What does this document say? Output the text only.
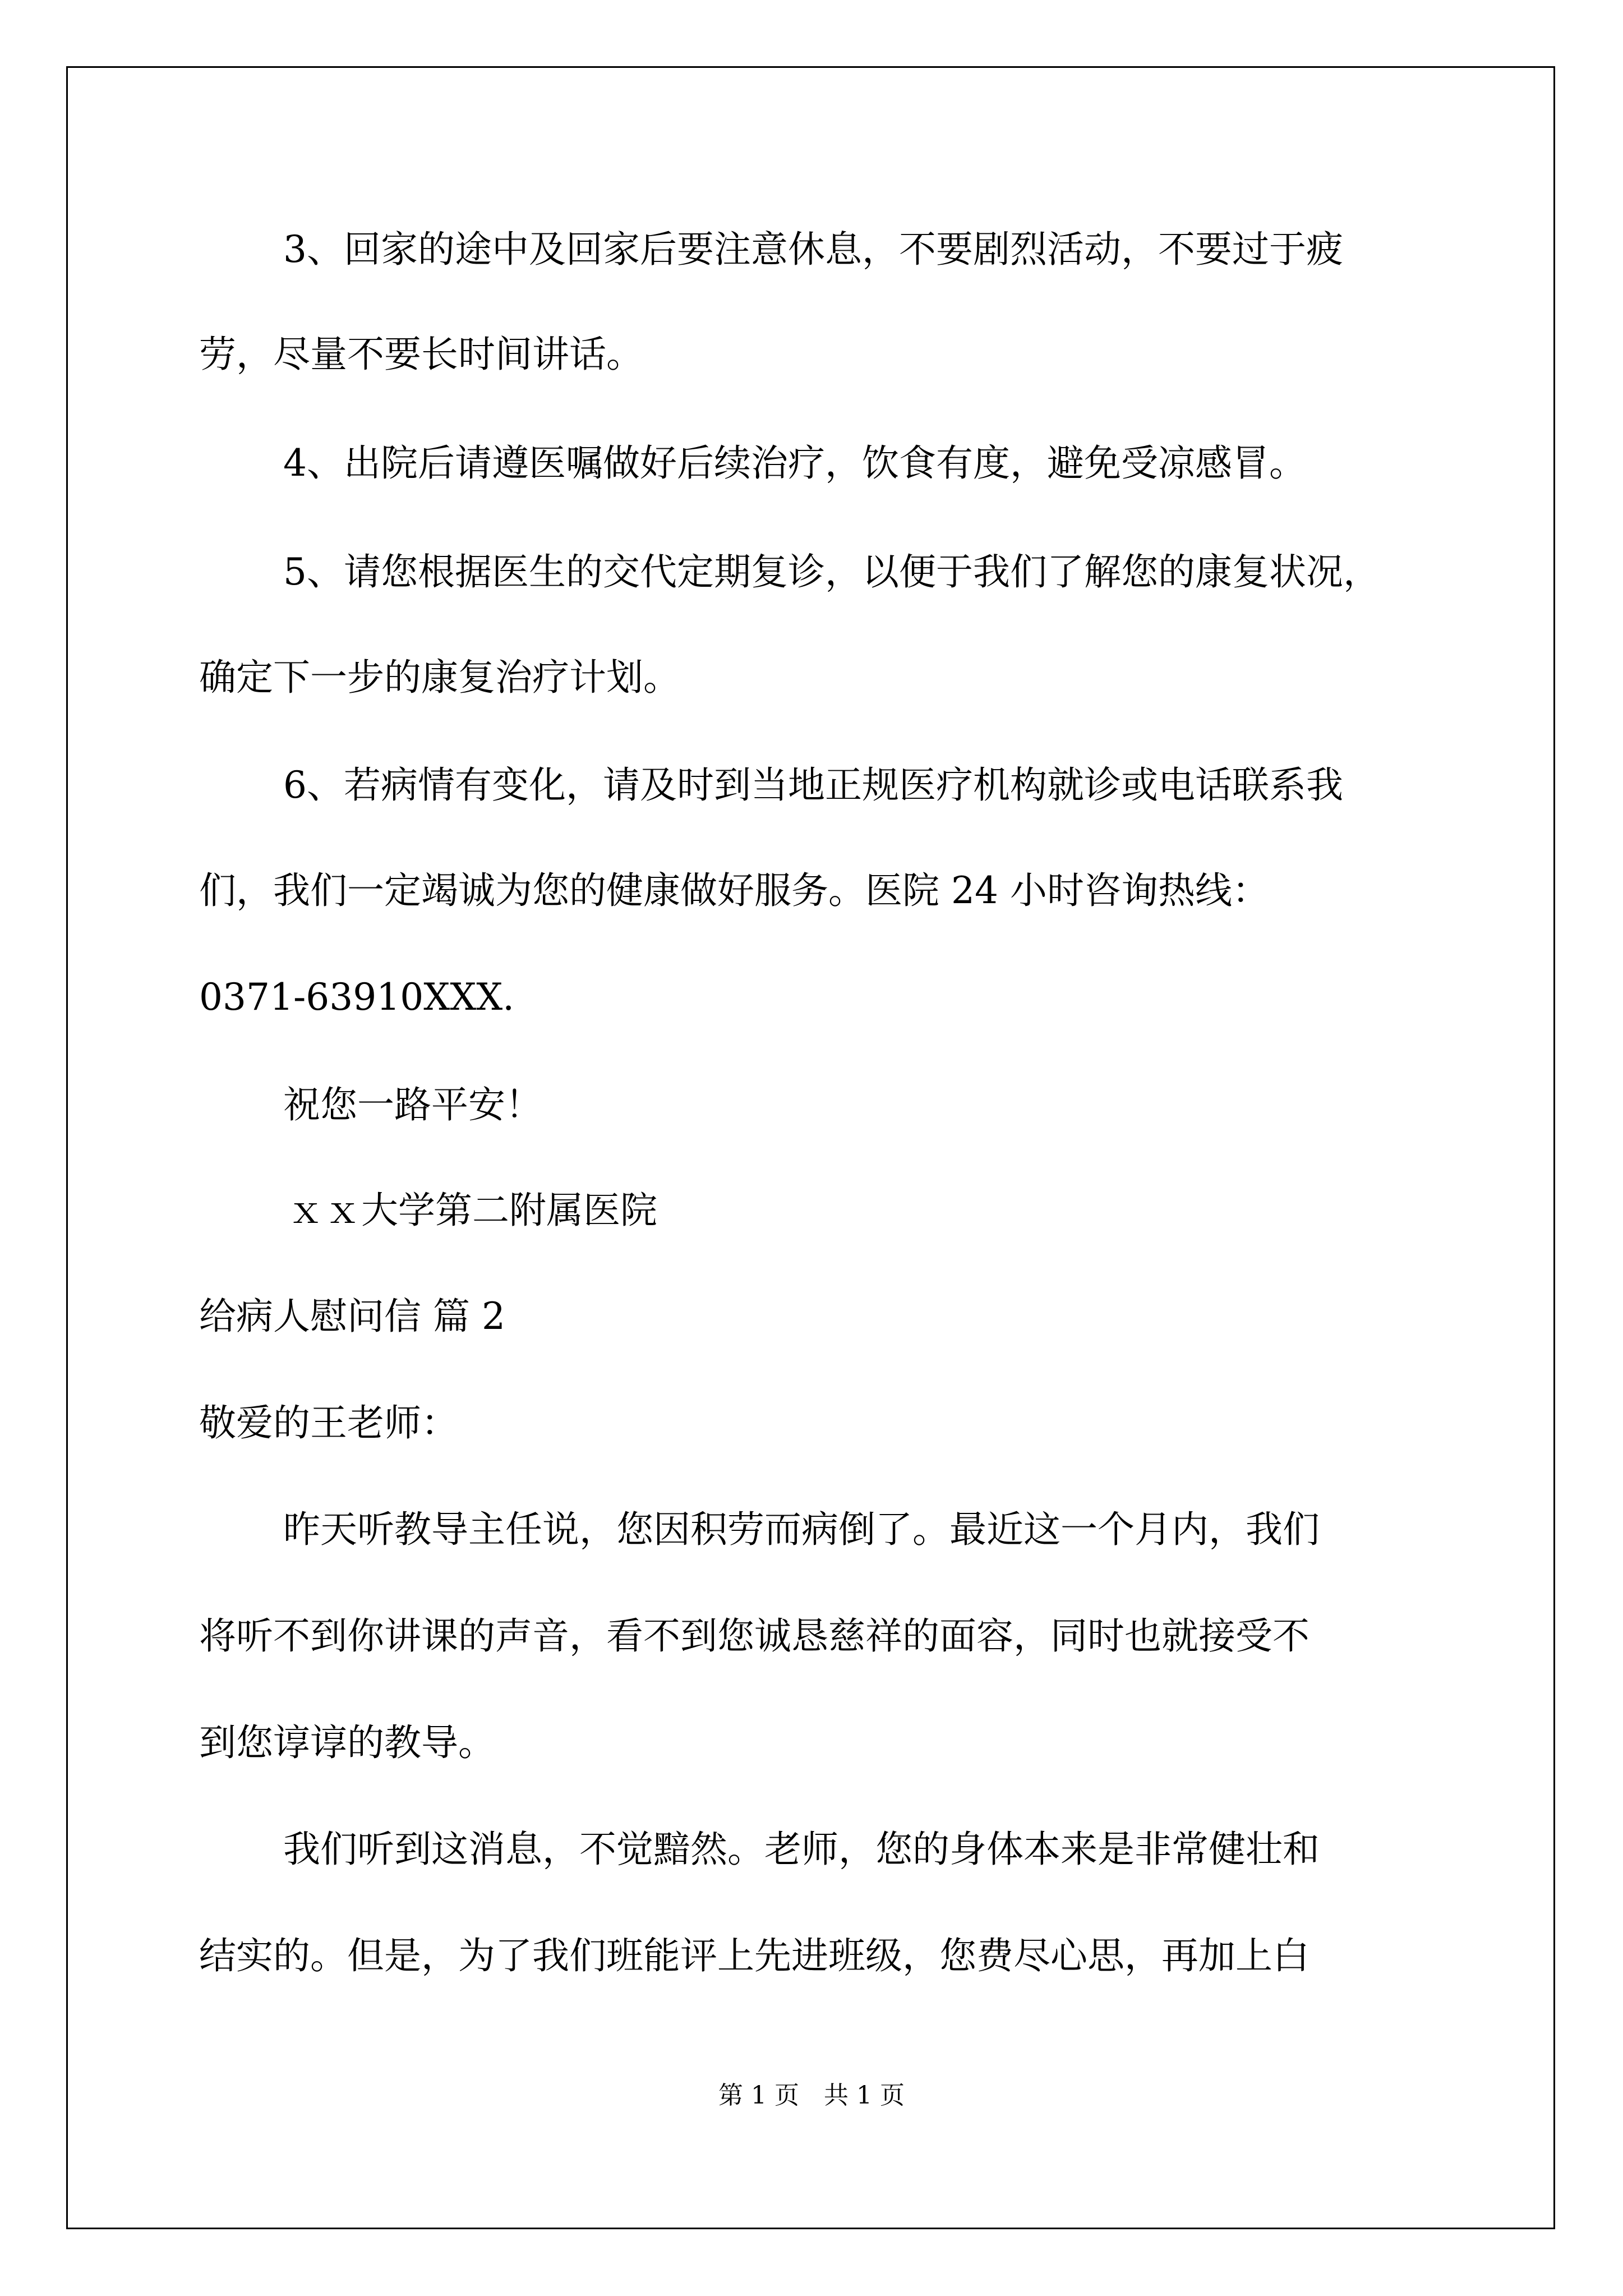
3、回家的途中及回家后要注意休息，不要剧烈活动，不要过于疲
劳，尽量不要长时间讲话。
4、出院后请遵医嘱做好后续治疗，饮食有度，避免受凉感冒。
5、请您根据医生的交代定期复诊，以便于我们了解您的康复状况，
确定下一步的康复治疗计划。
6、若病情有变化，请及时到当地正规医疗机构就诊或电话联系我
们，我们一定竭诚为您的健康做好服务。医院 24 小时咨询热线：
0371-63910XXX.
祝您一路平安！
ｘｘ大学第二附属医院
给病人慰问信 篇 2
敬爱的王老师：
昨天听教导主任说，您因积劳而病倒了。最近这一个月内，我们
将听不到你讲课的声音，看不到您诚恳慈祥的面容，同时也就接受不
到您谆谆的教导。
我们听到这消息，不觉黯然。老师，您的身体本来是非常健壮和
结实的。但是，为了我们班能评上先进班级，您费尽心思，再加上白
第 1 页　共 1 页
